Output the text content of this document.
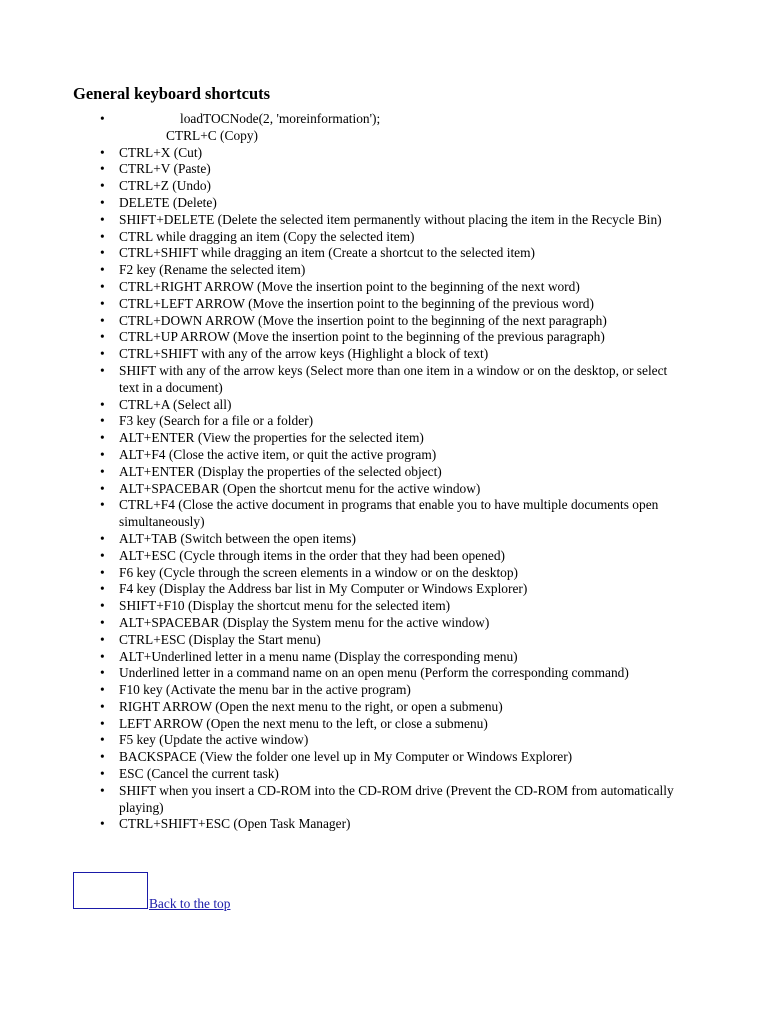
General keyboard shortcuts
•	loadTOCNode(2, 'moreinformation');
CTRL+C (Copy)
• CTRL+X (Cut)
• CTRL+V (Paste)
• CTRL+Z (Undo)
• DELETE (Delete)
• SHIFT+DELETE (Delete the selected item permanently without placing the item in the Recycle Bin)
• CTRL while dragging an item (Copy the selected item)
• CTRL+SHIFT while dragging an item (Create a shortcut to the selected item)
• F2 key (Rename the selected item)
• CTRL+RIGHT ARROW (Move the insertion point to the beginning of the next word)
• CTRL+LEFT ARROW (Move the insertion point to the beginning of the previous word)
• CTRL+DOWN ARROW (Move the insertion point to the beginning of the next paragraph)
• CTRL+UP ARROW (Move the insertion point to the beginning of the previous paragraph)
• CTRL+SHIFT with any of the arrow keys (Highlight a block of text)
• SHIFT with any of the arrow keys (Select more than one item in a window or on the desktop, or select text in a document)
• CTRL+A (Select all)
• F3 key (Search for a file or a folder)
• ALT+ENTER (View the properties for the selected item)
• ALT+F4 (Close the active item, or quit the active program)
• ALT+ENTER (Display the properties of the selected object)
• ALT+SPACEBAR (Open the shortcut menu for the active window)
• CTRL+F4 (Close the active document in programs that enable you to have multiple documents open simultaneously)
• ALT+TAB (Switch between the open items)
• ALT+ESC (Cycle through items in the order that they had been opened)
• F6 key (Cycle through the screen elements in a window or on the desktop)
• F4 key (Display the Address bar list in My Computer or Windows Explorer)
• SHIFT+F10 (Display the shortcut menu for the selected item)
• ALT+SPACEBAR (Display the System menu for the active window)
• CTRL+ESC (Display the Start menu)
• ALT+Underlined letter in a menu name (Display the corresponding menu)
• Underlined letter in a command name on an open menu (Perform the corresponding command)
• F10 key (Activate the menu bar in the active program)
• RIGHT ARROW (Open the next menu to the right, or open a submenu)
• LEFT ARROW (Open the next menu to the left, or close a submenu)
• F5 key (Update the active window)
• BACKSPACE (View the folder one level up in My Computer or Windows Explorer)
• ESC (Cancel the current task)
• SHIFT when you insert a CD-ROM into the CD-ROM drive (Prevent the CD-ROM from automatically playing)
• CTRL+SHIFT+ESC (Open Task Manager)
Back to the top
